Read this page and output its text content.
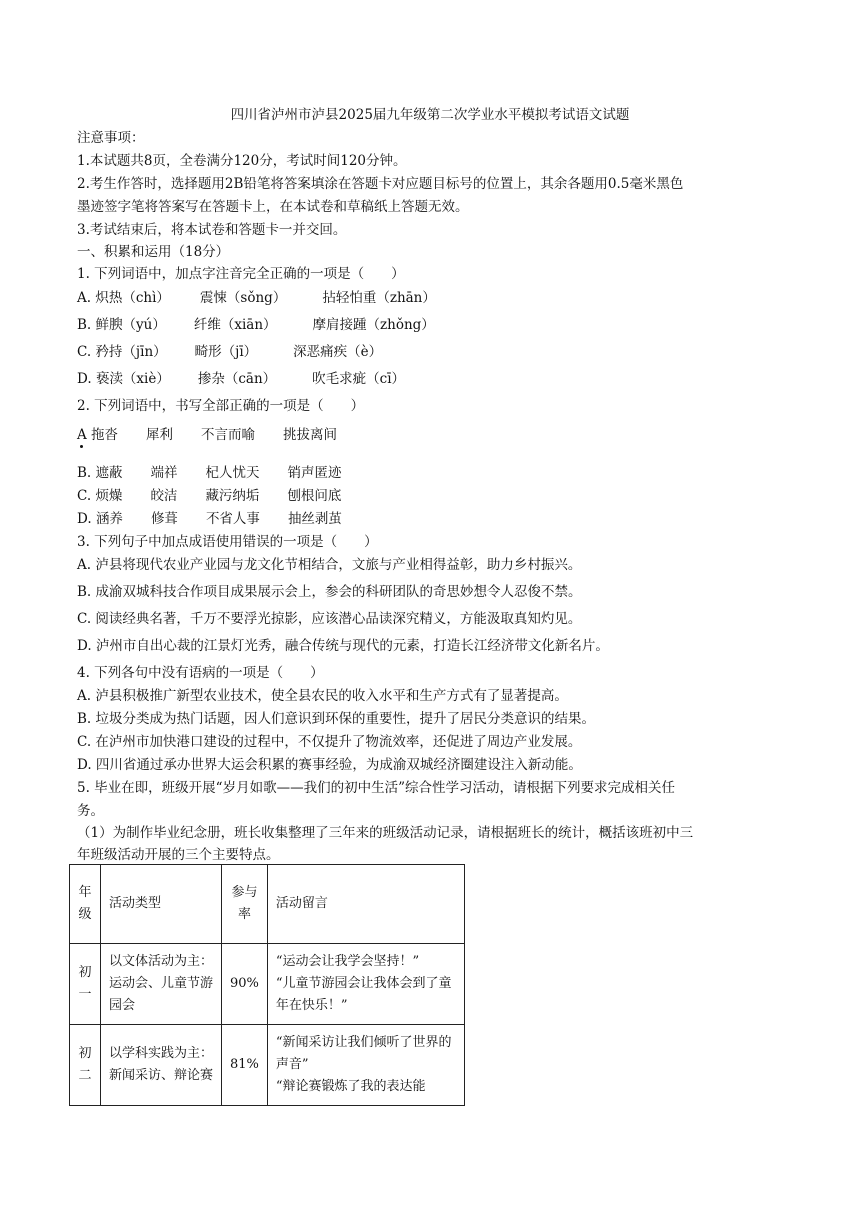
四川省泸州市泸县2025届九年级第二次学业水平模拟考试语文试题

注意事项：

1.本试题共8页，全卷满分120分，考试时间120分钟。

2.考生作答时，选择题用2B铅笔将答案填涂在答题卡对应题目标号的位置上，其余各题用0.5毫米黑色

墨迹签字笔将答案写在答题卡上，在本试卷和草稿纸上答题无效。

3.考试结束后，将本试卷和答题卡一并交回。

一、积累和运用（18分）

1. 下列词语中，加点字注音完全正确的一项是（　　）

A. 炽热（chì） 震悚（sǒng）	拈轻怕重（zhān）

B. 鲜腴（yú） 纤维（xiān）	摩肩接踵（zhǒng）

C. 矜持（jīn） 畸形（jī）	深恶痛疾（è）

D. 亵渎（xiè） 掺杂（cān）	吹毛求疵（cī）

2. 下列词语中，书写全部正确的一项是（　　）

A 拖沓 犀利 不言而喻 挑拔离间

B. 遮蔽 端祥 杞人忧天 销声匿迹

C. 烦燥 皎洁 藏污纳垢 刨根问底

D. 涵养 修葺 不省人事 抽丝剥茧

3. 下列句子中加点成语使用错误的一项是（　　）

A. 泸县将现代农业产业园与龙文化节相结合，文旅与产业相得益彰，助力乡村振兴。

B. 成渝双城科技合作项目成果展示会上，参会的科研团队的奇思妙想令人忍俊不禁。

C. 阅读经典名著，千万不要浮光掠影，应该潜心品读深究精义，方能汲取真知灼见。

D. 泸州市自出心裁的江景灯光秀，融合传统与现代的元素，打造长江经济带文化新名片。

4. 下列各句中没有语病的一项是（　　）

A. 泸县积极推广新型农业技术，使全县农民的收入水平和生产方式有了显著提高。

B. 垃圾分类成为热门话题，因人们意识到环保的重要性，提升了居民分类意识的结果。

C. 在泸州市加快港口建设的过程中，不仅提升了物流效率，还促进了周边产业发展。

D. 四川省通过承办世界大运会积累的赛事经验，为成渝双城经济圈建设注入新动能。

5. 毕业在即，班级开展“岁月如歌——我们的初中生活”综合性学习活动，请根据下列要求完成相关任

务。

（1）为制作毕业纪念册，班长收集整理了三年来的班级活动记录，请根据班长的统计，概括该班初中三

年班级活动开展的三个主要特点。

年级	活动类型	参与率	活动留言
初一	以文体活动为主：运动会、儿童节游园会	90%	“运动会让我学会坚持！”
“儿童节游园会让我体会到了童年在快乐！”

初二	以学科实践为主：新闻采访、辩论赛	81%	“新闻采访让我们倾听了世界的声音”
“辩论赛锻炼了我的表达能
